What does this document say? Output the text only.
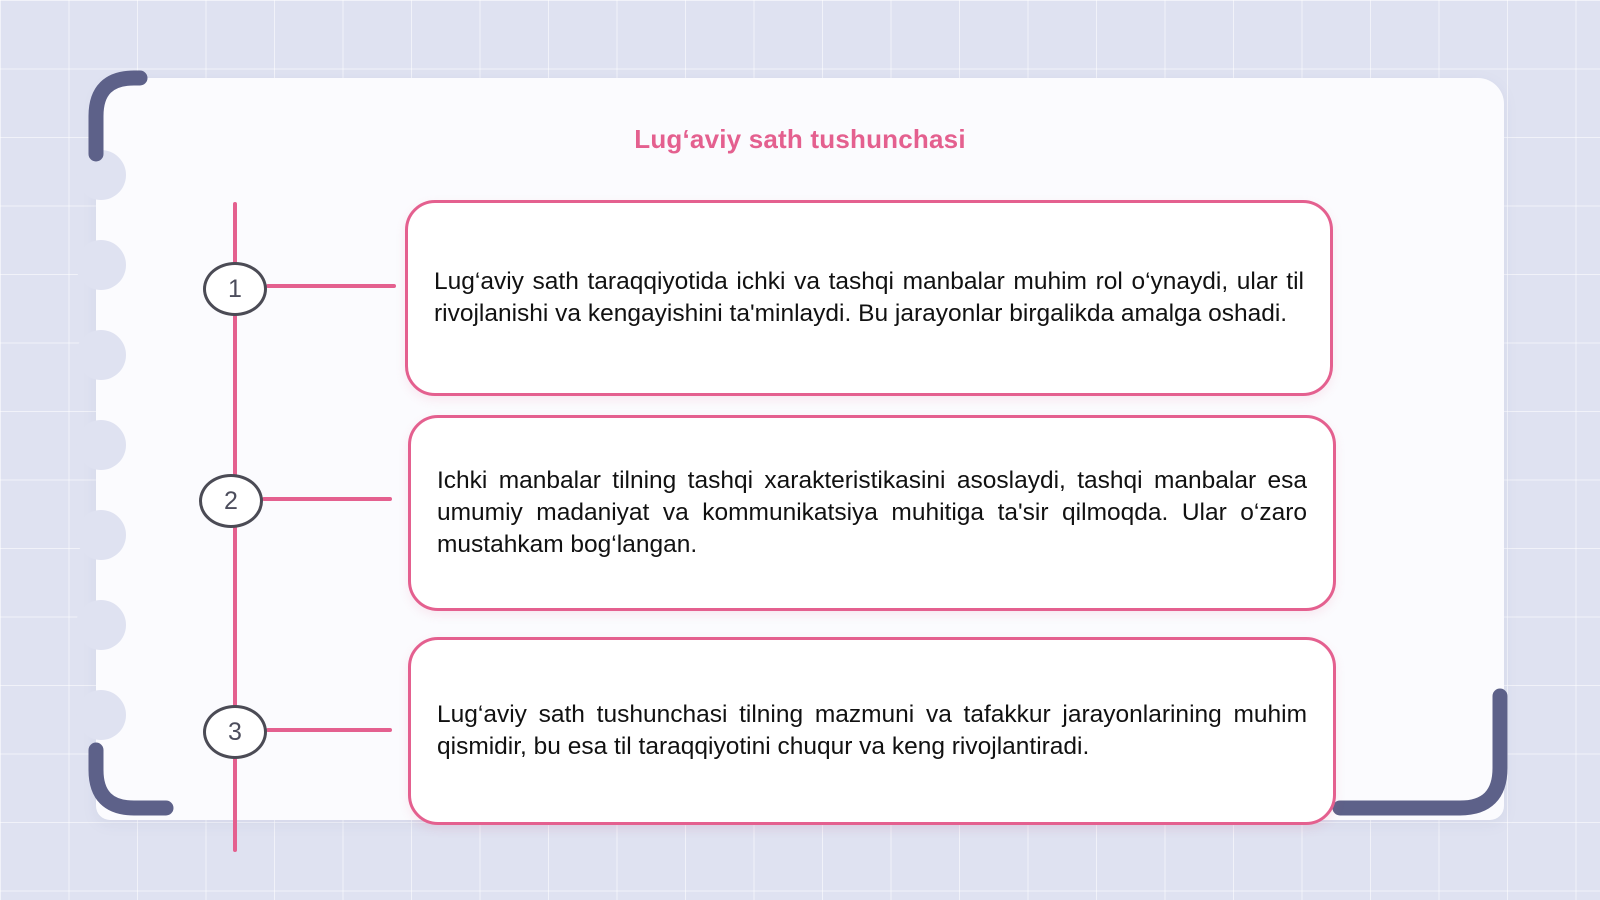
Lug‘aviy sath tushunchasi
1	Lug‘aviy sath taraqqiyotida ichki va tashqi manbalar muhim rol o‘ynaydi, ular til rivojlanishi va kengayishini ta'minlaydi. Bu jarayonlar birgalikda amalga oshadi.

2

Ichki manbalar tilning tashqi xarakteristikasini asoslaydi, tashqi manbalar esa umumiy madaniyat va kommunikatsiya muhitiga ta'sir qilmoqda. Ular o‘zaro mustahkam bog‘langan.

3

Lug‘aviy sath tushunchasi tilning mazmuni va tafakkur jarayonlarining muhim qismidir, bu esa til taraqqiyotini chuqur va keng rivojlantiradi.
